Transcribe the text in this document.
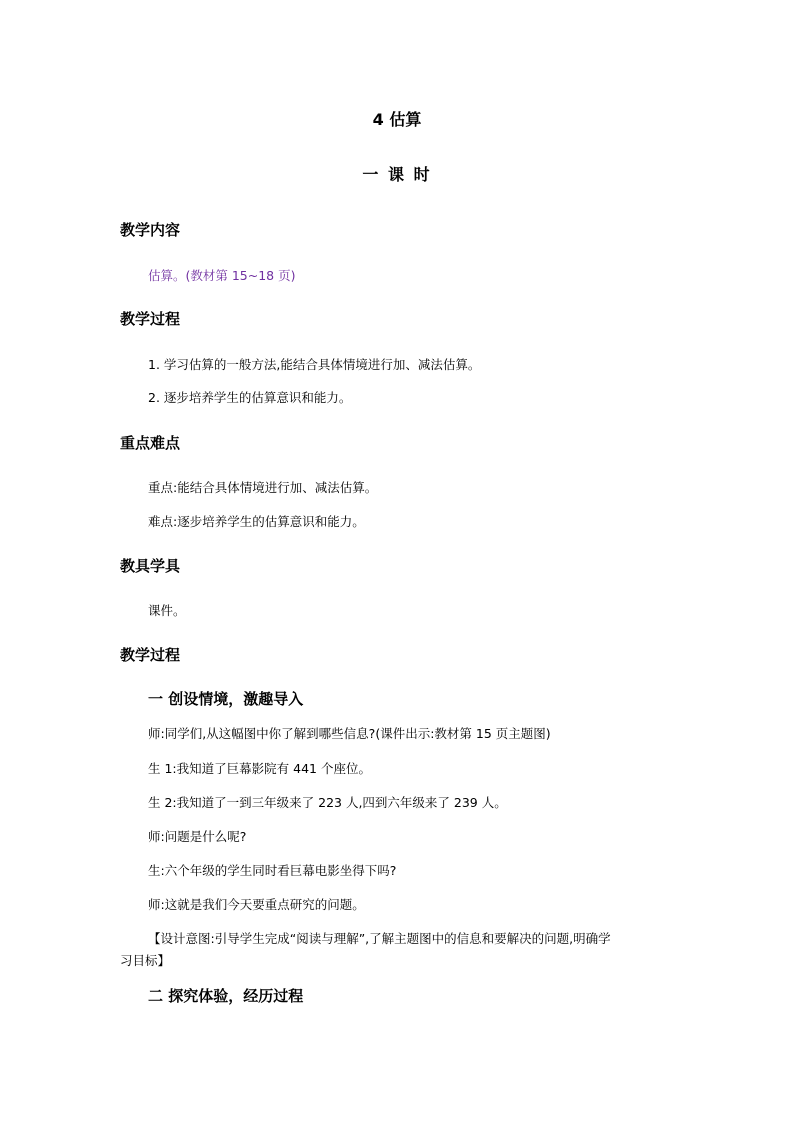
4 估算
一 课 时
教学内容
估算。(教材第 15~18 页)
教学过程
1. 学习估算的一般方法,能结合具体情境进行加、减法估算。
2. 逐步培养学生的估算意识和能力。
重点难点
重点:能结合具体情境进行加、减法估算。
难点:逐步培养学生的估算意识和能力。
教具学具
课件。
教学过程
一 创设情境，激趣导入
师:同学们,从这幅图中你了解到哪些信息?(课件出示:教材第 15 页主题图)
生 1:我知道了巨幕影院有 441 个座位。
生 2:我知道了一到三年级来了 223 人,四到六年级来了 239 人。
师:问题是什么呢?
生:六个年级的学生同时看巨幕电影坐得下吗?
师:这就是我们今天要重点研究的问题。
【设计意图:引导学生完成“阅读与理解”,了解主题图中的信息和要解决的问题,明确学
习目标】
二 探究体验，经历过程
